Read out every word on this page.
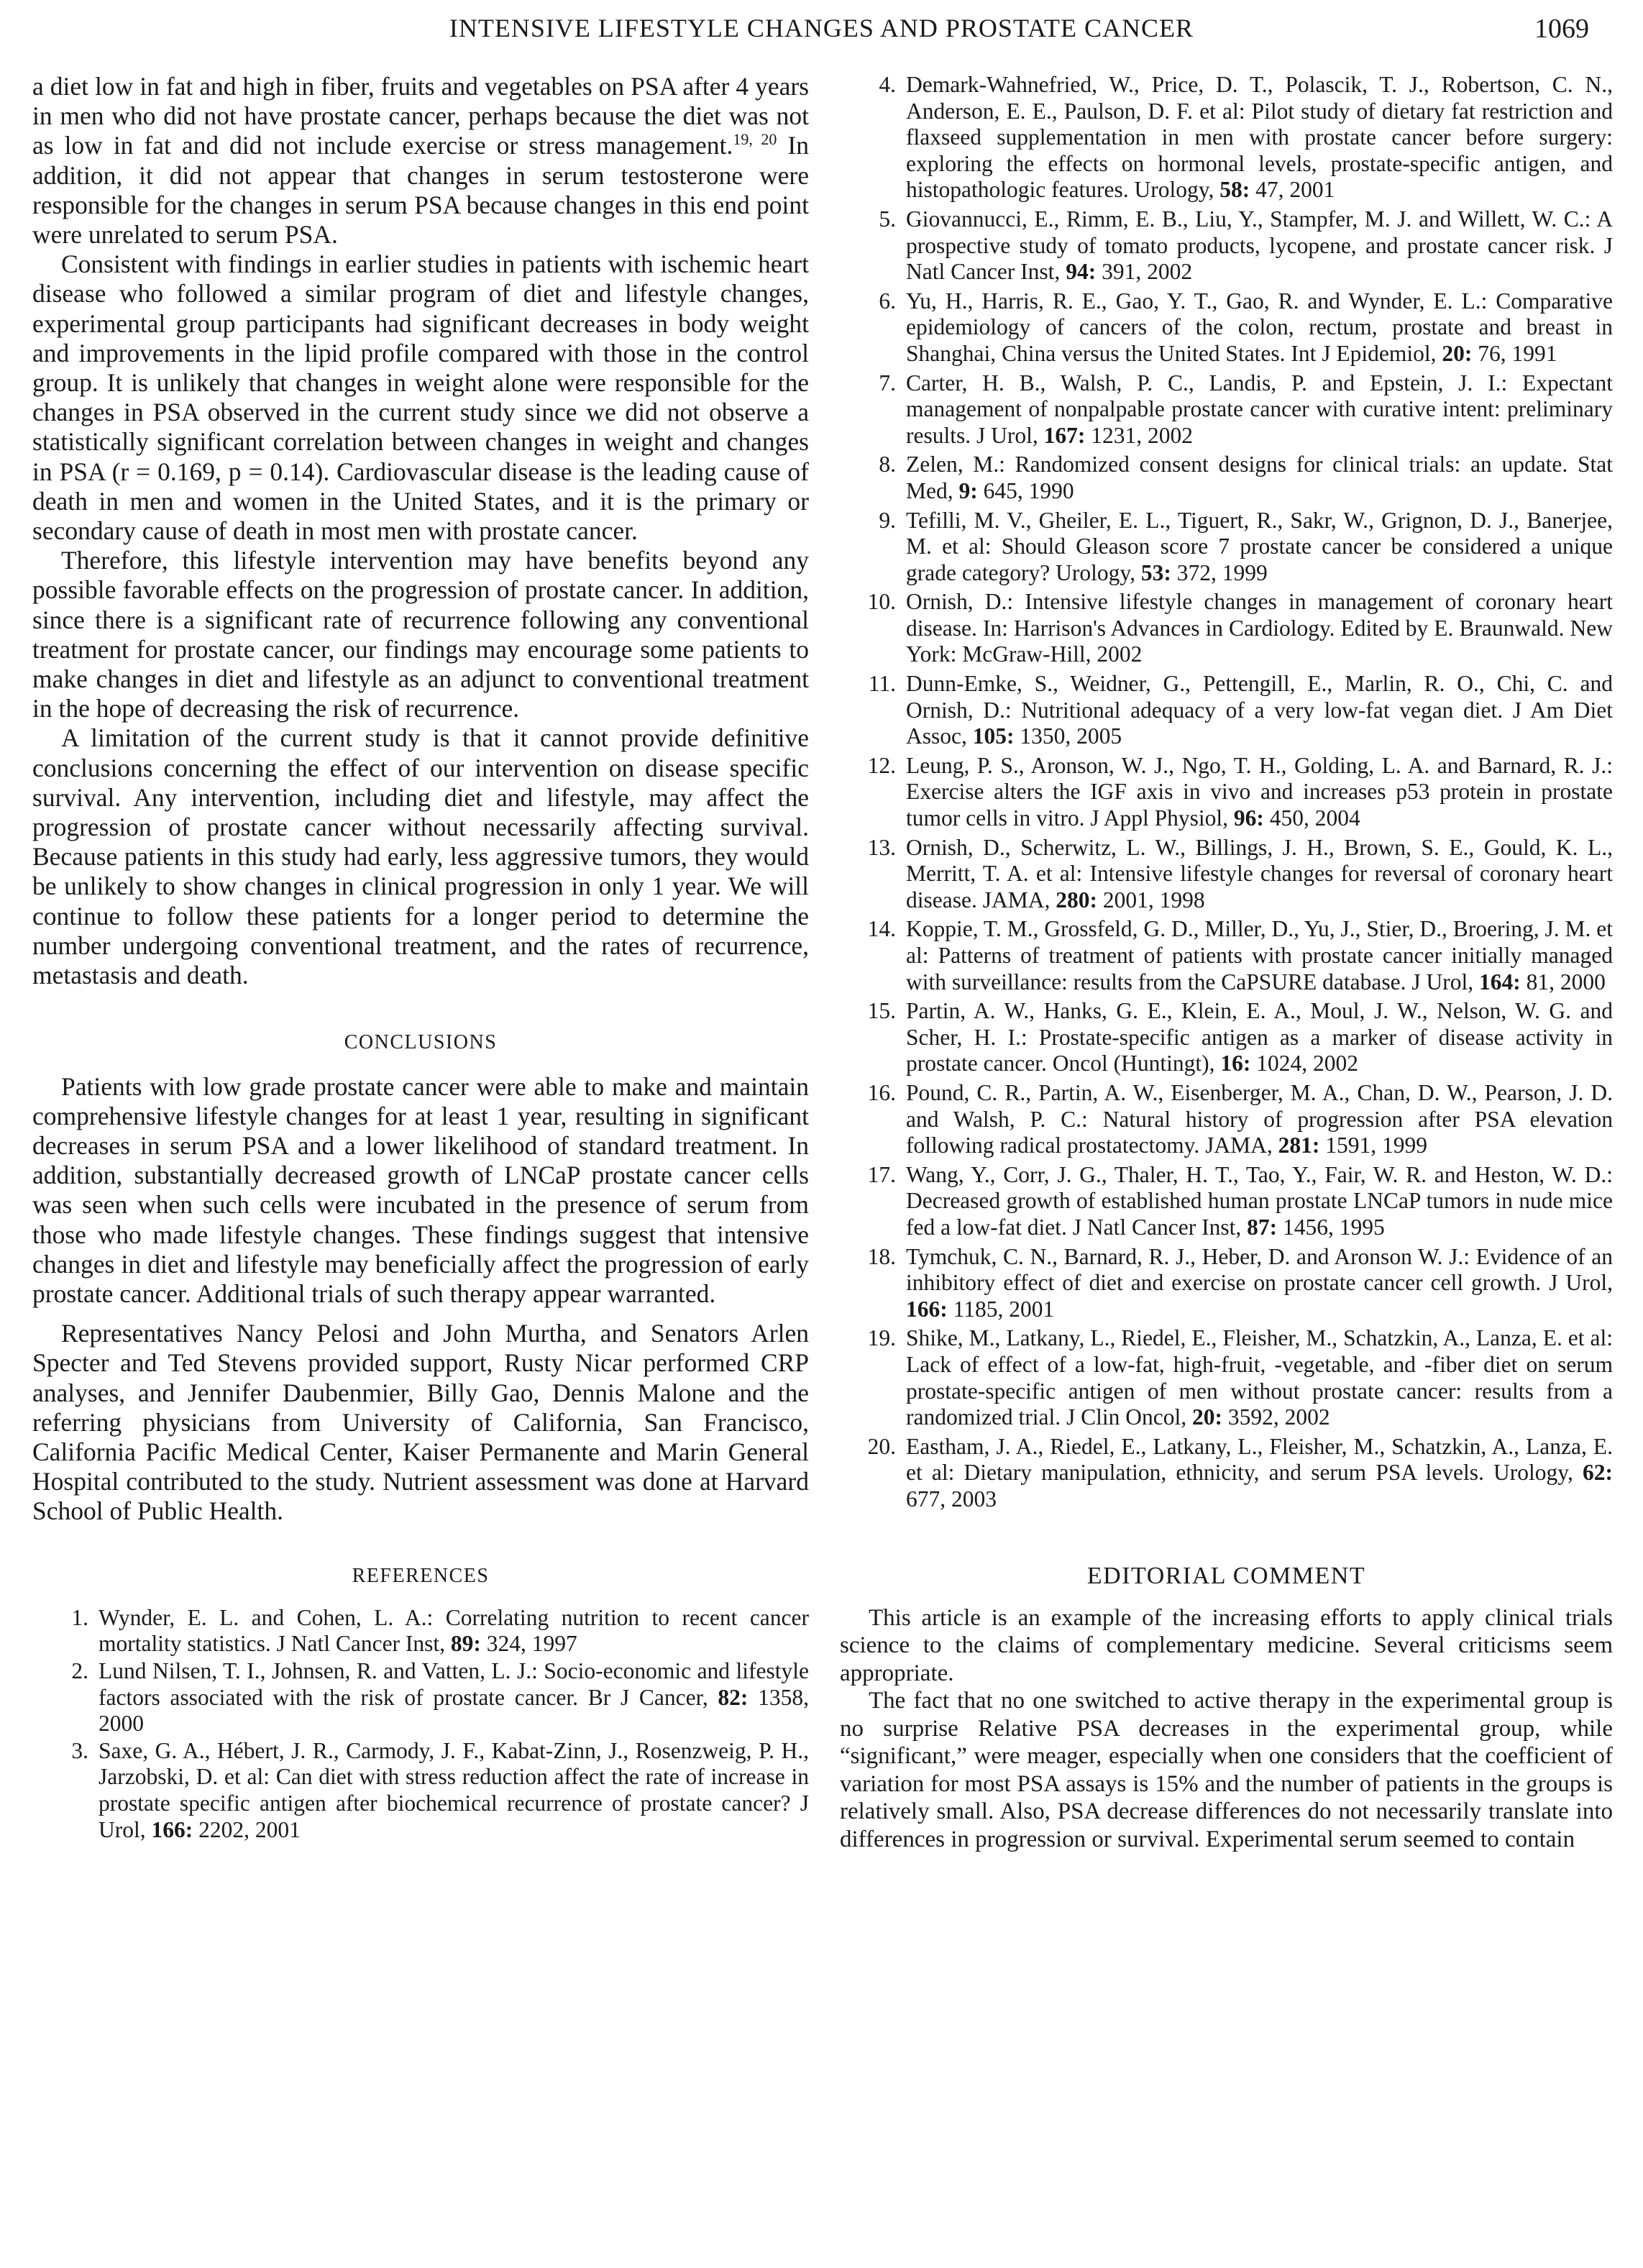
INTENSIVE LIFESTYLE CHANGES AND PROSTATE CANCER	1069

a diet low in fat and high in fiber, fruits and vegetables on PSA after 4 years in men who did not have prostate cancer, perhaps because the diet was not as low in fat and did not include exercise or stress management.$^{19, 20}$ In addition, it did not appear that changes in serum testosterone were responsible for the changes in serum PSA because changes in this end point were unrelated to serum PSA.

Consistent with findings in earlier studies in patients with ischemic heart disease who followed a similar program of diet and lifestyle changes, experimental group participants had significant decreases in body weight and improvements in the lipid profile compared with those in the control group. It is unlikely that changes in weight alone were responsible for the changes in PSA observed in the current study since we did not observe a statistically significant correlation between changes in weight and changes in PSA (r = 0.169, p = 0.14). Cardiovascular disease is the leading cause of death in men and women in the United States, and it is the primary or secondary cause of death in most men with prostate cancer.

Therefore, this lifestyle intervention may have benefits beyond any possible favorable effects on the progression of prostate cancer. In addition, since there is a significant rate of recurrence following any conventional treatment for prostate cancer, our findings may encourage some patients to make changes in diet and lifestyle as an adjunct to conventional treatment in the hope of decreasing the risk of recurrence.

A limitation of the current study is that it cannot provide definitive conclusions concerning the effect of our intervention on disease specific survival. Any intervention, including diet and lifestyle, may affect the progression of prostate cancer without necessarily affecting survival. Because patients in this study had early, less aggressive tumors, they would be unlikely to show changes in clinical progression in only 1 year. We will continue to follow these patients for a longer period to determine the number undergoing conventional treatment, and the rates of recurrence, metastasis and death.

CONCLUSIONS

Patients with low grade prostate cancer were able to make and maintain comprehensive lifestyle changes for at least 1 year, resulting in significant decreases in serum PSA and a lower likelihood of standard treatment. In addition, substantially decreased growth of LNCaP prostate cancer cells was seen when such cells were incubated in the presence of serum from those who made lifestyle changes. These findings suggest that intensive changes in diet and lifestyle may beneficially affect the progression of early prostate cancer. Additional trials of such therapy appear warranted.

Representatives Nancy Pelosi and John Murtha, and Senators Arlen Specter and Ted Stevens provided support, Rusty Nicar performed CRP analyses, and Jennifer Daubenmier, Billy Gao, Dennis Malone and the referring physicians from University of California, San Francisco, California Pacific Medical Center, Kaiser Permanente and Marin General Hospital contributed to the study. Nutrient assessment was done at Harvard School of Public Health.

REFERENCES
1. Wynder, E. L. and Cohen, L. A.: Correlating nutrition to recent cancer mortality statistics. J Natl Cancer Inst, 89: 324, 1997
2. Lund Nilsen, T. I., Johnsen, R. and Vatten, L. J.: Socio-economic and lifestyle factors associated with the risk of prostate cancer. Br J Cancer, 82: 1358, 2000
3. Saxe, G. A., Hébert, J. R., Carmody, J. F., Kabat-Zinn, J., Rosenzweig, P. H., Jarzobski, D. et al: Can diet with stress reduction affect the rate of increase in prostate specific antigen after biochemical recurrence of prostate cancer? J Urol, 166: 2202, 2001
4. Demark-Wahnefried, W., Price, D. T., Polascik, T. J., Robertson, C. N., Anderson, E. E., Paulson, D. F. et al: Pilot study of dietary fat restriction and flaxseed supplementation in men with prostate cancer before surgery: exploring the effects on hormonal levels, prostate-specific antigen, and histopathologic features. Urology, 58: 47, 2001
5. Giovannucci, E., Rimm, E. B., Liu, Y., Stampfer, M. J. and Willett, W. C.: A prospective study of tomato products, lycopene, and prostate cancer risk. J Natl Cancer Inst, 94: 391, 2002
6. Yu, H., Harris, R. E., Gao, Y. T., Gao, R. and Wynder, E. L.: Comparative epidemiology of cancers of the colon, rectum, prostate and breast in Shanghai, China versus the United States. Int J Epidemiol, 20: 76, 1991
7. Carter, H. B., Walsh, P. C., Landis, P. and Epstein, J. I.: Expectant management of nonpalpable prostate cancer with curative intent: preliminary results. J Urol, 167: 1231, 2002
8. Zelen, M.: Randomized consent designs for clinical trials: an update. Stat Med, 9: 645, 1990
9. Tefilli, M. V., Gheiler, E. L., Tiguert, R., Sakr, W., Grignon, D. J., Banerjee, M. et al: Should Gleason score 7 prostate cancer be considered a unique grade category? Urology, 53: 372, 1999
10. Ornish, D.: Intensive lifestyle changes in management of coronary heart disease. In: Harrison's Advances in Cardiology. Edited by E. Braunwald. New York: McGraw-Hill, 2002
11. Dunn-Emke, S., Weidner, G., Pettengill, E., Marlin, R. O., Chi, C. and Ornish, D.: Nutritional adequacy of a very low-fat vegan diet. J Am Diet Assoc, 105: 1350, 2005
12. Leung, P. S., Aronson, W. J., Ngo, T. H., Golding, L. A. and Barnard, R. J.: Exercise alters the IGF axis in vivo and increases p53 protein in prostate tumor cells in vitro. J Appl Physiol, 96: 450, 2004
13. Ornish, D., Scherwitz, L. W., Billings, J. H., Brown, S. E., Gould, K. L., Merritt, T. A. et al: Intensive lifestyle changes for reversal of coronary heart disease. JAMA, 280: 2001, 1998
14. Koppie, T. M., Grossfeld, G. D., Miller, D., Yu, J., Stier, D., Broering, J. M. et al: Patterns of treatment of patients with prostate cancer initially managed with surveillance: results from the CaPSURE database. J Urol, 164: 81, 2000
15. Partin, A. W., Hanks, G. E., Klein, E. A., Moul, J. W., Nelson, W. G. and Scher, H. I.: Prostate-specific antigen as a marker of disease activity in prostate cancer. Oncol (Huntingt), 16: 1024, 2002
16. Pound, C. R., Partin, A. W., Eisenberger, M. A., Chan, D. W., Pearson, J. D. and Walsh, P. C.: Natural history of progression after PSA elevation following radical prostatectomy. JAMA, 281: 1591, 1999
17. Wang, Y., Corr, J. G., Thaler, H. T., Tao, Y., Fair, W. R. and Heston, W. D.: Decreased growth of established human prostate LNCaP tumors in nude mice fed a low-fat diet. J Natl Cancer Inst, 87: 1456, 1995
18. Tymchuk, C. N., Barnard, R. J., Heber, D. and Aronson W. J.: Evidence of an inhibitory effect of diet and exercise on prostate cancer cell growth. J Urol, 166: 1185, 2001
19. Shike, M., Latkany, L., Riedel, E., Fleisher, M., Schatzkin, A., Lanza, E. et al: Lack of effect of a low-fat, high-fruit, -vegetable, and -fiber diet on serum prostate-specific antigen of men without prostate cancer: results from a randomized trial. J Clin Oncol, 20: 3592, 2002
20. Eastham, J. A., Riedel, E., Latkany, L., Fleisher, M., Schatzkin, A., Lanza, E. et al: Dietary manipulation, ethnicity, and serum PSA levels. Urology, 62: 677, 2003
EDITORIAL COMMENT

This article is an example of the increasing efforts to apply clinical trials science to the claims of complementary medicine. Several criticisms seem appropriate.

The fact that no one switched to active therapy in the experimental group is no surprise Relative PSA decreases in the experimental group, while “significant,” were meager, especially when one considers that the coefficient of variation for most PSA assays is 15% and the number of patients in the groups is relatively small. Also, PSA decrease differences do not necessarily translate into differences in progression or survival. Experimental serum seemed to contain
